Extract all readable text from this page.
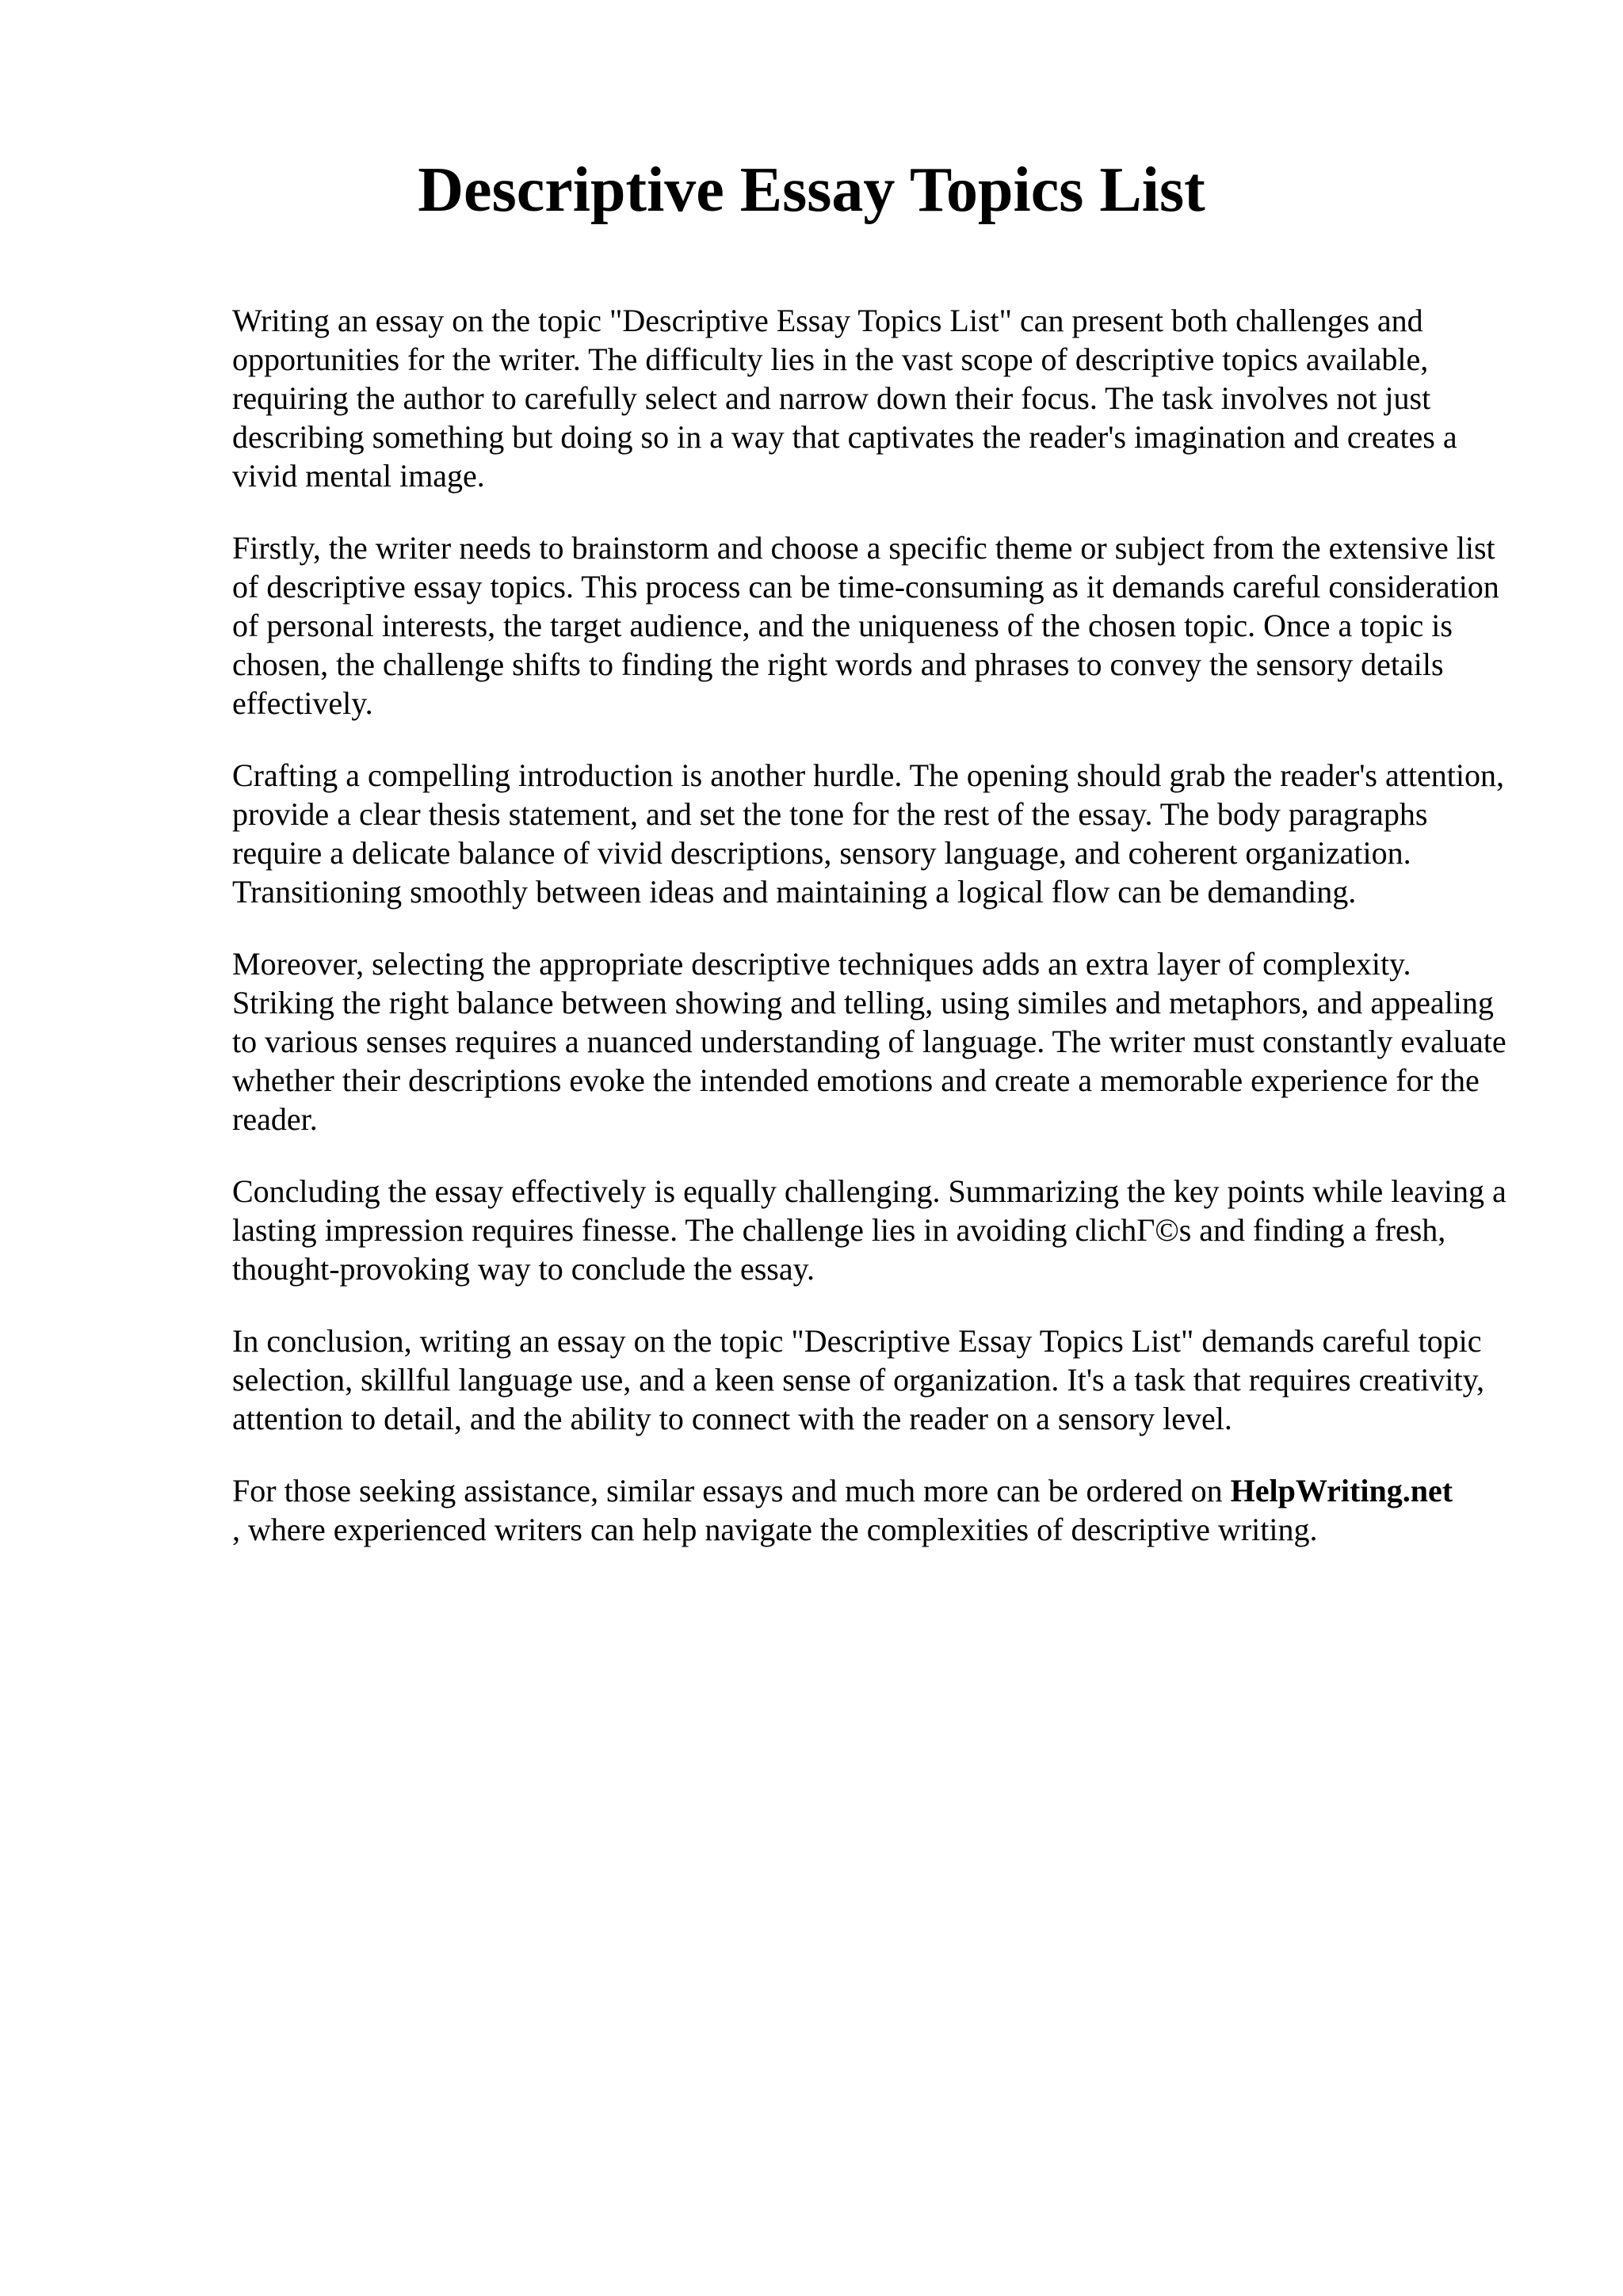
Descriptive Essay Topics List

Writing an essay on the topic "Descriptive Essay Topics List" can present both challenges and opportunities for the writer. The difficulty lies in the vast scope of descriptive topics available, requiring the author to carefully select and narrow down their focus. The task involves not just describing something but doing so in a way that captivates the reader's imagination and creates a vivid mental image.

Firstly, the writer needs to brainstorm and choose a specific theme or subject from the extensive list of descriptive essay topics. This process can be time-consuming as it demands careful consideration of personal interests, the target audience, and the uniqueness of the chosen topic. Once a topic is chosen, the challenge shifts to finding the right words and phrases to convey the sensory details effectively.

Crafting a compelling introduction is another hurdle. The opening should grab the reader's attention, provide a clear thesis statement, and set the tone for the rest of the essay. The body paragraphs require a delicate balance of vivid descriptions, sensory language, and coherent organization. Transitioning smoothly between ideas and maintaining a logical flow can be demanding.

Moreover, selecting the appropriate descriptive techniques adds an extra layer of complexity. Striking the right balance between showing and telling, using similes and metaphors, and appealing to various senses requires a nuanced understanding of language. The writer must constantly evaluate whether their descriptions evoke the intended emotions and create a memorable experience for the reader.

Concluding the essay effectively is equally challenging. Summarizing the key points while leaving a lasting impression requires finesse. The challenge lies in avoiding clichΓ©s and finding a fresh, thought-provoking way to conclude the essay.

In conclusion, writing an essay on the topic "Descriptive Essay Topics List" demands careful topic selection, skillful language use, and a keen sense of organization. It's a task that requires creativity, attention to detail, and the ability to connect with the reader on a sensory level.

For those seeking assistance, similar essays and much more can be ordered on HelpWriting.net
, where experienced writers can help navigate the complexities of descriptive writing.
